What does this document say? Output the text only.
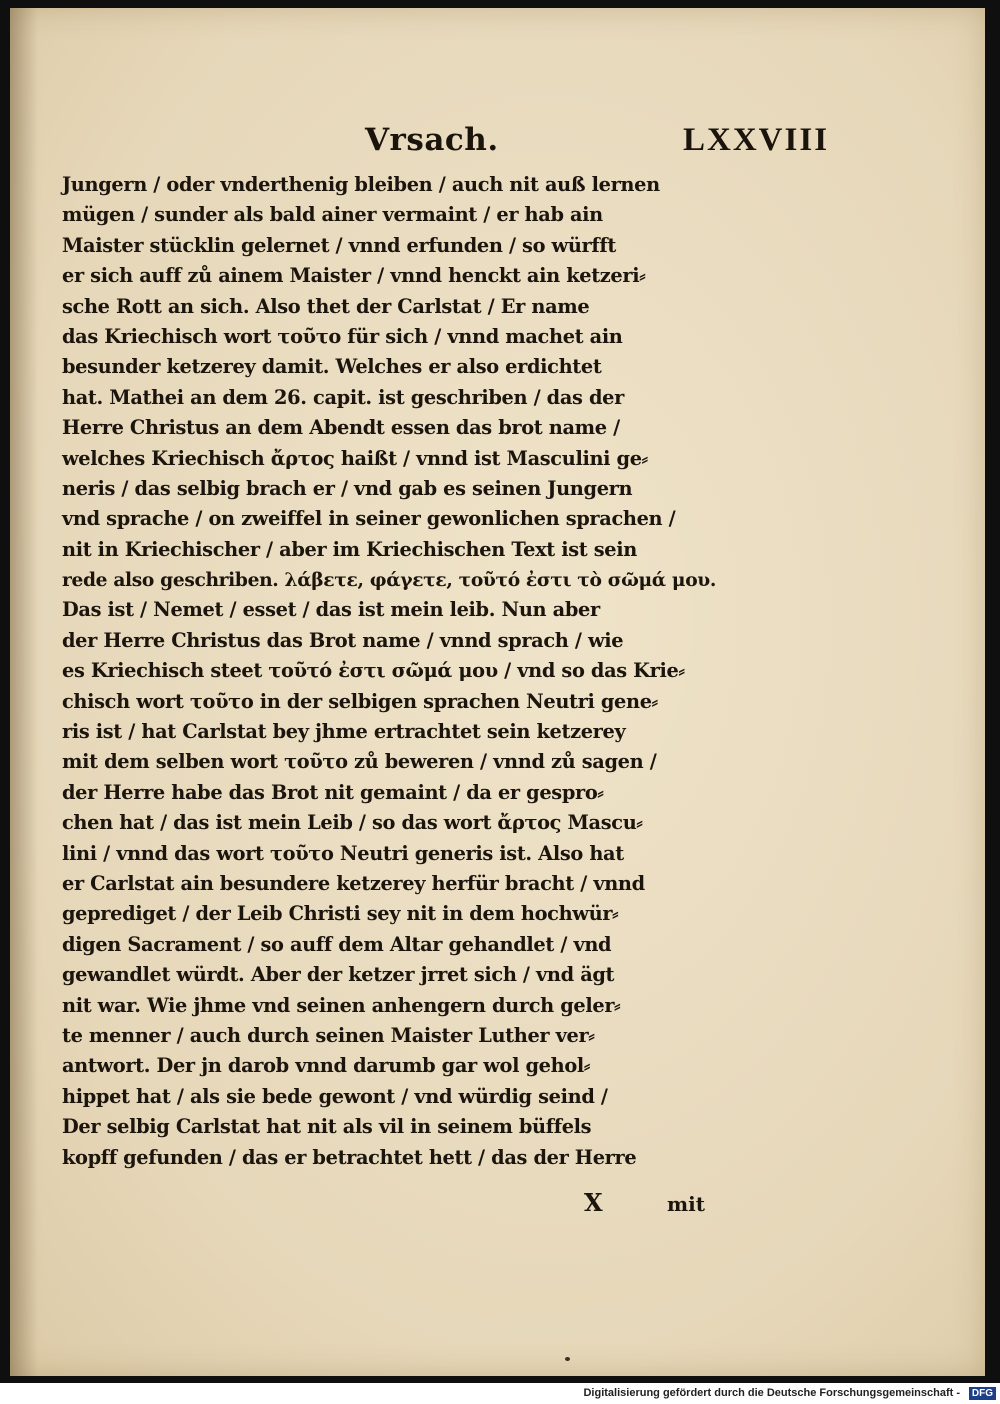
Vrsach.	LXXVIII
Jungern / oder vnderthenig bleiben / auch nit auß lernen
mügen / sunder als bald ainer vermaint / er hab ain
Maister stücklin gelernet / vnnd erfunden / so würfft
er sich auff zů ainem Maister / vnnd henckt ain ketzeri⸗
sche Rott an sich. Also thet der Carlstat / Er name
das Kriechisch wort τοῦτο für sich / vnnd machet ain
besunder ketzerey damit. Welches er also erdichtet
hat. Mathei an dem 26. capit. ist geschriben / das der
Herre Christus an dem Abendt essen das brot name /
welches Kriechisch ἄρτος haißt / vnnd ist Masculini ge⸗
neris / das selbig brach er / vnd gab es seinen Jungern
vnd sprache / on zweiffel in seiner gewonlichen sprachen /
nit in Kriechischer / aber im Kriechischen Text ist sein
rede also geschriben. λάβετε, φάγετε, τοῦτό ἐστι τὸ σῶμά μου.
Das ist / Nemet / esset / das ist mein leib. Nun aber
der Herre Christus das Brot name / vnnd sprach / wie
es Kriechisch steet τοῦτό ἐστι σῶμά μου / vnd so das Krie⸗
chisch wort τοῦτο in der selbigen sprachen Neutri gene⸗
ris ist / hat Carlstat bey jhme ertrachtet sein ketzerey
mit dem selben wort τοῦτο zů beweren / vnnd zů sagen /
der Herre habe das Brot nit gemaint / da er gespro⸗
chen hat / das ist mein Leib / so das wort ἄρτος Mascu⸗
lini / vnnd das wort τοῦτο Neutri generis ist. Also hat
er Carlstat ain besundere ketzerey herfür bracht / vnnd
geprediget / der Leib Christi sey nit in dem hochwür⸗
digen Sacrament / so auff dem Altar gehandlet / vnd
gewandlet würdt. Aber der ketzer jrret sich / vnd ägt
nit war. Wie jhme vnd seinen anhengern durch geler⸗
te menner / auch durch seinen Maister Luther ver⸗
antwort. Der jn darob vnnd darumb gar wol gehol⸗
hippet hat / als sie bede gewont / vnd würdig seind /
Der selbig Carlstat hat nit als vil in seinem büffels
kopff gefunden / das er betrachtet hett / das der Herre
X	mit
Digitalisierung gefördert durch die Deutsche Forschungsgemeinschaft -	DFG
